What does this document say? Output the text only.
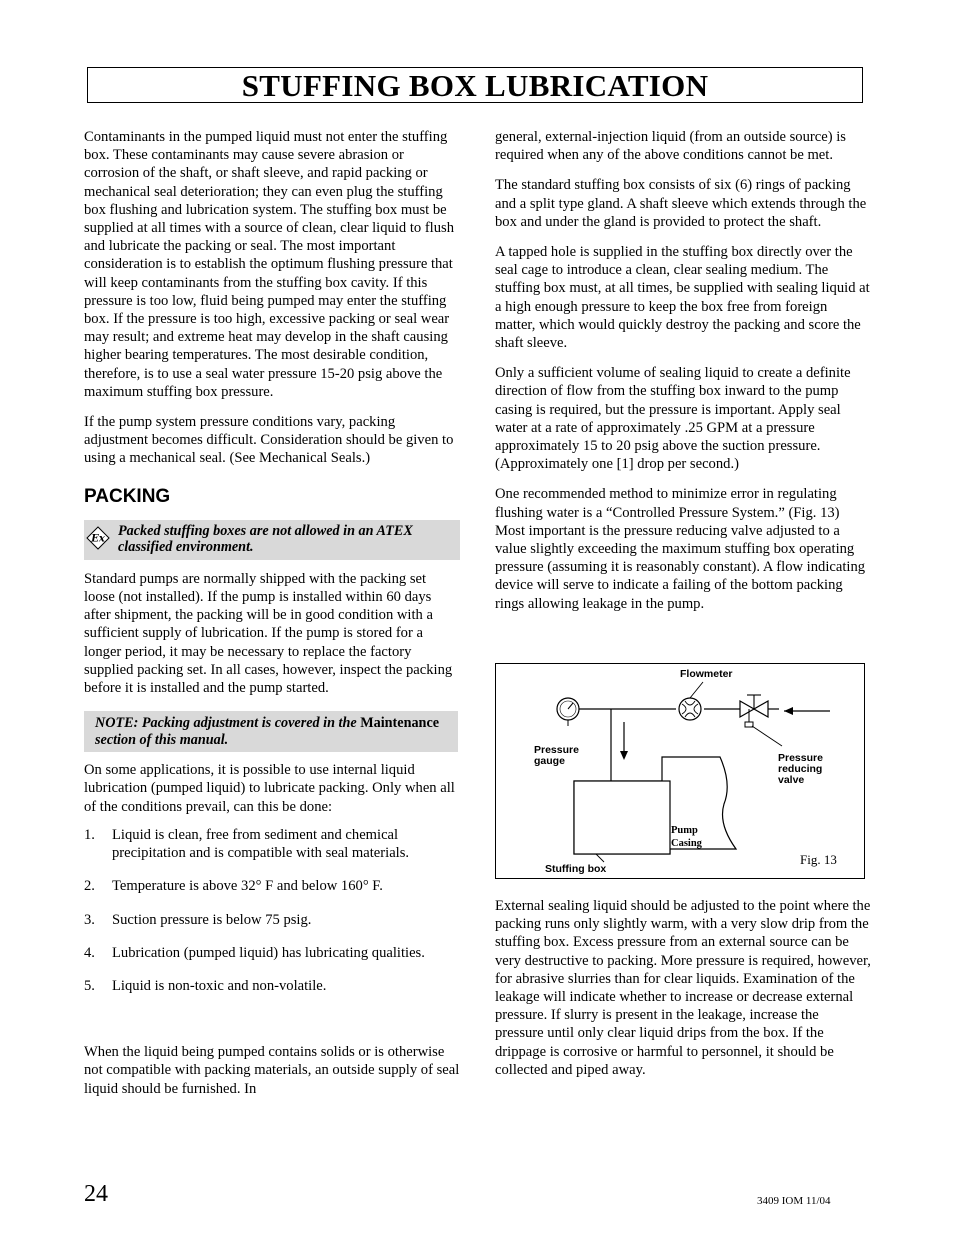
STUFFING BOX LUBRICATION

Contaminants in the pumped liquid must not enter the stuffing box. These contaminants may cause severe abrasion or corrosion of the shaft, or shaft sleeve, and rapid packing or mechanical seal deterioration; they can even plug the stuffing box flushing and lubrication system. The stuffing box must be supplied at all times with a source of clean, clear liquid to flush and lubricate the packing or seal. The most important consideration is to establish the optimum flushing pressure that will keep contaminants from the stuffing box cavity. If this pressure is too low, fluid being pumped may enter the stuffing box. If the pressure is too high, excessive packing or seal wear may result; and extreme heat may develop in the shaft causing higher bearing temperatures. The most desirable condition, therefore, is to use a seal water pressure 15-20 psig above the maximum stuffing box pressure.

If the pump system pressure conditions vary, packing adjustment becomes difficult. Consideration should be given to using a mechanical seal. (See Mechanical Seals.)

PACKING
Ex Packed stuffing boxes are not allowed in an ATEX classified environment.

Standard pumps are normally shipped with the packing set loose (not installed). If the pump is installed within 60 days after shipment, the packing will be in good condition with a sufficient supply of lubrication. If the pump is stored for a longer period, it may be necessary to replace the factory supplied packing set. In all cases, however, inspect the packing before it is installed and the pump started.

NOTE: Packing adjustment is covered in the Maintenance section of this manual.

On some applications, it is possible to use internal liquid lubrication (pumped liquid) to lubricate packing. Only when all of the conditions prevail, can this be done:

1.	Liquid is clean, free from sediment and chemical precipitation and is compatible with seal materials.
2.	Temperature is above 32° F and below 160° F.
3.	Suction pressure is below 75 psig.
4.	Lubrication (pumped liquid) has lubricating qualities.
5.	Liquid is non-toxic and non-volatile.

When the liquid being pumped contains solids or is otherwise not compatible with packing materials, an outside supply of seal liquid should be furnished. In

general, external-injection liquid (from an outside source) is required when any of the above conditions cannot be met.

The standard stuffing box consists of six (6) rings of packing and a split type gland. A shaft sleeve which extends through the box and under the gland is provided to protect the shaft.

A tapped hole is supplied in the stuffing box directly over the seal cage to introduce a clean, clear sealing medium. The stuffing box must, at all times, be supplied with sealing liquid at a high enough pressure to keep the box free from foreign matter, which would quickly destroy the packing and score the shaft sleeve.

Only a sufficient volume of sealing liquid to create a definite direction of flow from the stuffing box inward to the pump casing is required, but the pressure is important. Apply seal water at a rate of approximately .25 GPM at a pressure approximately 15 to 20 psig above the suction pressure. (Approximately one [1] drop per second.)

One recommended method to minimize error in regulating flushing water is a “Controlled Pressure System.” (Fig. 13) Most important is the pressure reducing valve adjusted to a value slightly exceeding the maximum stuffing box operating pressure (assuming it is reasonably constant). A flow indicating device will serve to indicate a failing of the bottom packing rings allowing leakage in the pump.

Flowmeter
Pressure
gauge	Pressure
reducing
valve
Pump
Casing
Stuffing box
Fig. 13

External sealing liquid should be adjusted to the point where the packing runs only slightly warm, with a very slow drip from the stuffing box. Excess pressure from an external source can be very destructive to packing. More pressure is required, however, for abrasive slurries than for clear liquids. Examination of the leakage will indicate whether to increase or decrease external pressure. If slurry is present in the leakage, increase the pressure until only clear liquid drips from the box. If the drippage is corrosive or harmful to personnel, it should be collected and piped away.

24	3409 IOM 11/04
